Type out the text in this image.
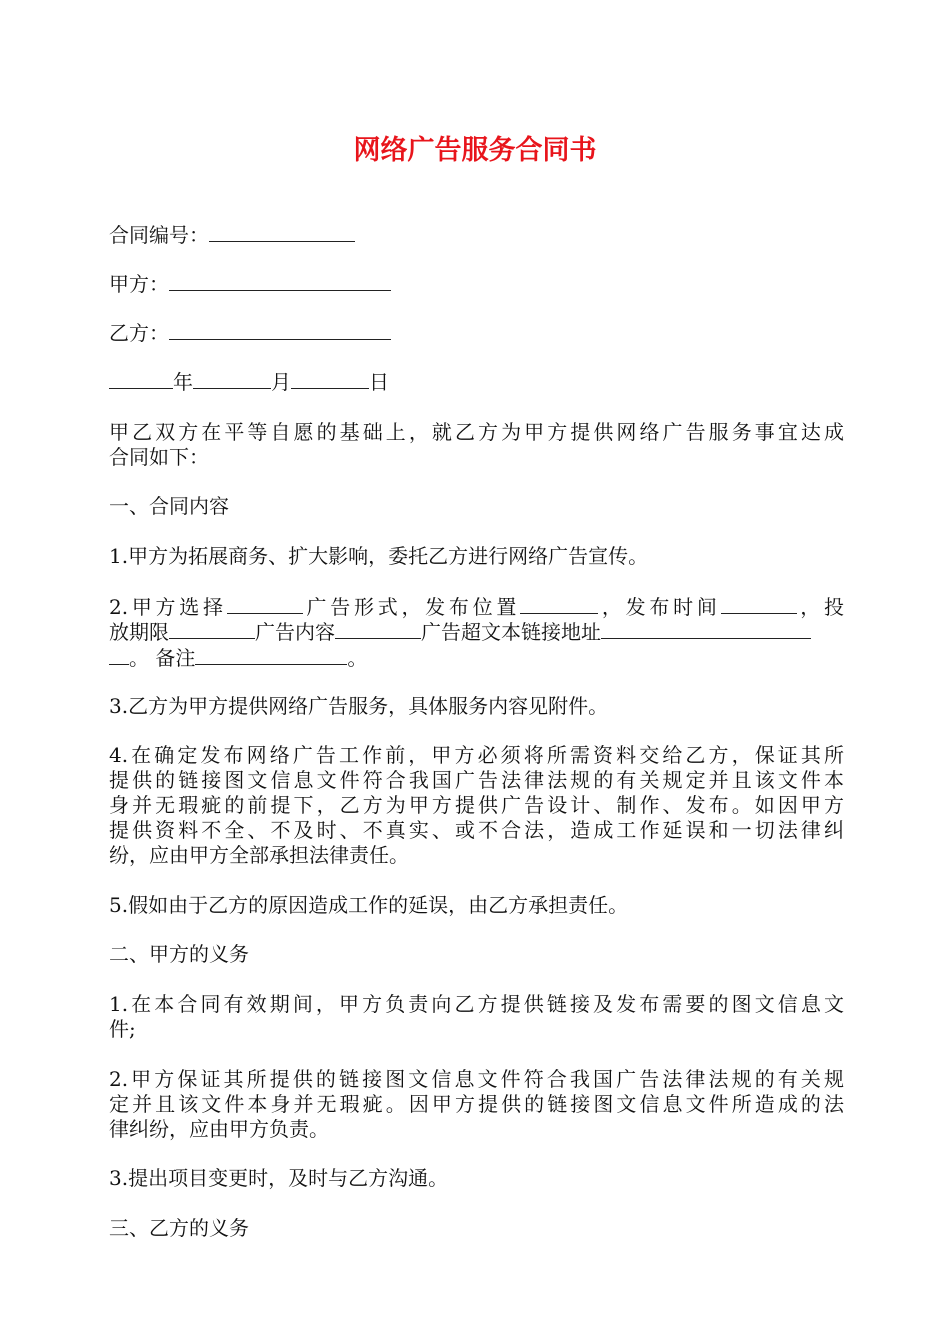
网络广告服务合同书

合同编号：

甲方：

乙方：

年	月	日

甲乙双方在平等自愿的基础上，就乙方为甲方提供网络广告服务事宜达成

合同如下：

一、合同内容

1.甲方为拓展商务、扩大影响，委托乙方进行网络广告宣传。

2.甲方选择	广告形式，发布位置	，发布时间	，投

放期限	广告内容	广告超文本链接地址

。 备注	。

3.乙方为甲方提供网络广告服务，具体服务内容见附件。

4.在确定发布网络广告工作前，甲方必须将所需资料交给乙方，保证其所

提供的链接图文信息文件符合我国广告法律法规的有关规定并且该文件本

身并无瑕疵的前提下，乙方为甲方提供广告设计、制作、发布。如因甲方

提供资料不全、不及时、不真实、或不合法，造成工作延误和一切法律纠

纷，应由甲方全部承担法律责任。

5.假如由于乙方的原因造成工作的延误，由乙方承担责任。

二、甲方的义务

1.在本合同有效期间，甲方负责向乙方提供链接及发布需要的图文信息文

件;

2.甲方保证其所提供的链接图文信息文件符合我国广告法律法规的有关规

定并且该文件本身并无瑕疵。因甲方提供的链接图文信息文件所造成的法

律纠纷，应由甲方负责。

3.提出项目变更时，及时与乙方沟通。

三、乙方的义务
